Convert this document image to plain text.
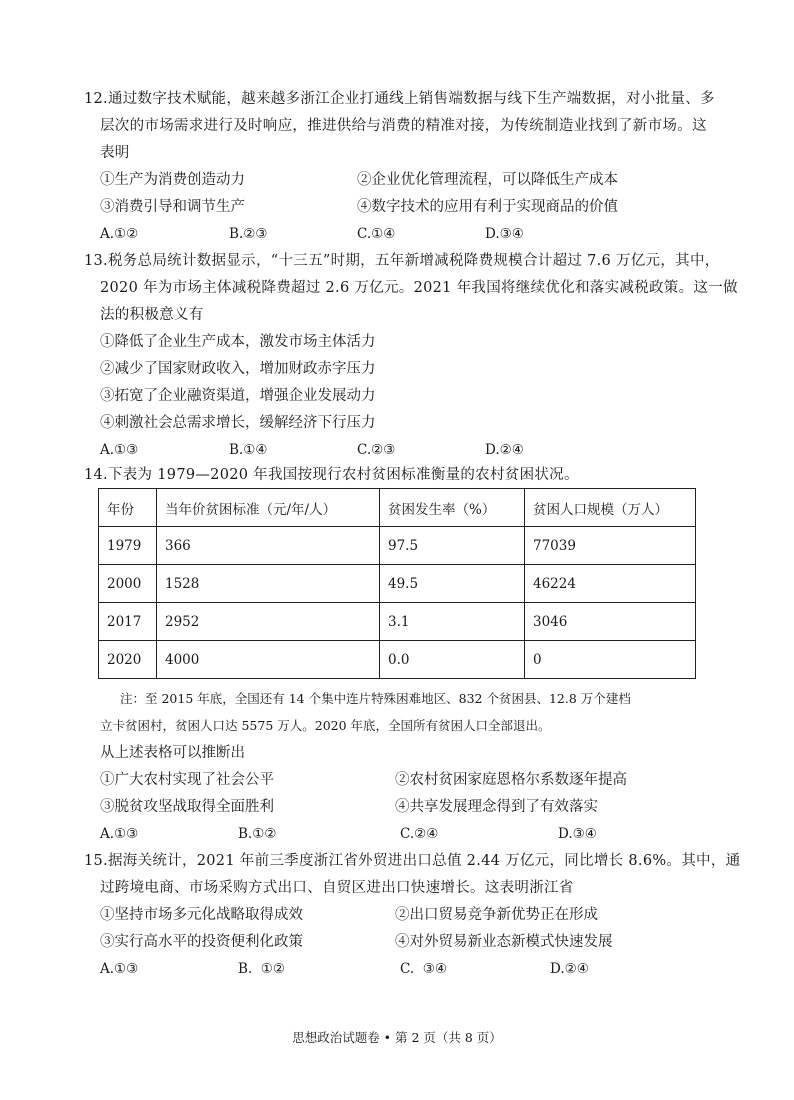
12.通过数字技术赋能，越来越多浙江企业打通线上销售端数据与线下生产端数据，对小批量、多
层次的市场需求进行及时响应，推进供给与消费的精准对接，为传统制造业找到了新市场。这
表明
①生产为消费创造动力	②企业优化管理流程，可以降低生产成本
③消费引导和调节生产	④数字技术的应用有利于实现商品的价值
A.①②	B.②③	C.①④	D.③④
13.税务总局统计数据显示，“十三五”时期，五年新增减税降费规模合计超过 7.6 万亿元，其中，
2020 年为市场主体减税降费超过 2.6 万亿元。2021 年我国将继续优化和落实减税政策。这一做
法的积极意义有
①降低了企业生产成本，激发市场主体活力
②减少了国家财政收入，增加财政赤字压力
③拓宽了企业融资渠道，增强企业发展动力
④刺激社会总需求增长，缓解经济下行压力
A.①③	B.①④	C.②③	D.②④
14.下表为 1979—2020 年我国按现行农村贫困标准衡量的农村贫困状况。
年份	当年价贫困标准（元/年/人）	贫困发生率（%）	贫困人口规模（万人）
1979	366	97.5	77039
2000	1528	49.5	46224
2017	2952	3.1	3046
2020	4000	0.0	0
注：至 2015 年底，全国还有 14 个集中连片特殊困难地区、832 个贫困县、12.8 万个建档
立卡贫困村，贫困人口达 5575 万人。2020 年底，全国所有贫困人口全部退出。
从上述表格可以推断出
①广大农村实现了社会公平	②农村贫困家庭恩格尔系数逐年提高
③脱贫攻坚战取得全面胜利	④共享发展理念得到了有效落实
A.①③	B.①②	C.②④	D.③④
15.据海关统计，2021 年前三季度浙江省外贸进出口总值 2.44 万亿元，同比增长 8.6%。其中，通
过跨境电商、市场采购方式出口、自贸区进出口快速增长。这表明浙江省
①坚持市场多元化战略取得成效	②出口贸易竞争新优势正在形成
③实行高水平的投资便利化政策	④对外贸易新业态新模式快速发展
A.①③	B.  ①②	C.  ③④	D.②④
思想政治试题卷 • 第 2 页（共 8 页）
